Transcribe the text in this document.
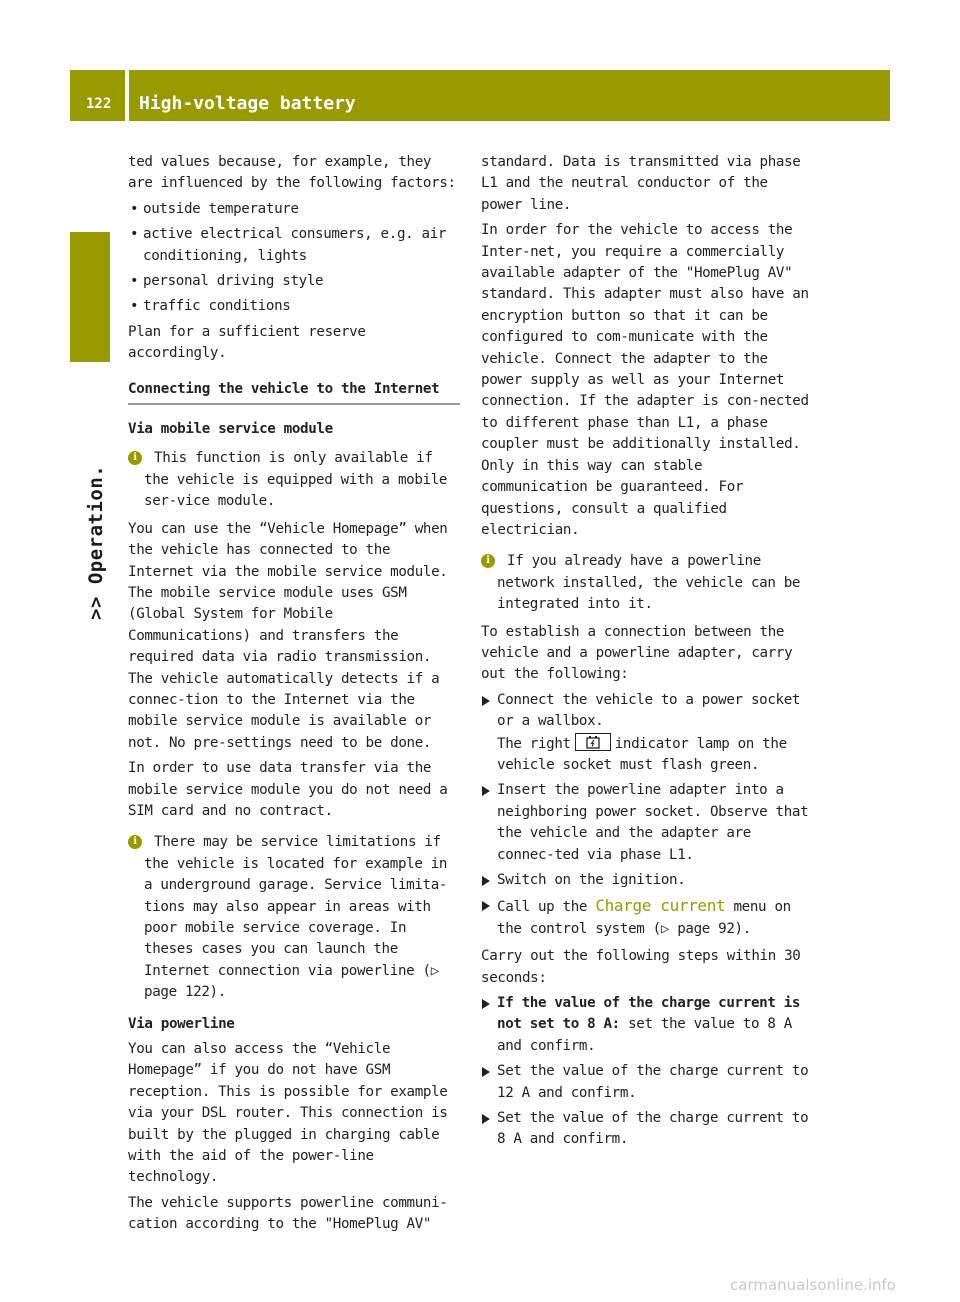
122	High-voltage battery
>> Operation.

ted values because, for example, they are influenced by the following factors:

• outside temperature
• active electrical consumers, e.g. air conditioning, lights
• personal driving style
• traffic conditions

Plan for a sufficient reserve accordingly.

Connecting the vehicle to the Internet
Via mobile service module
i	This function is only available if the vehicle is equipped with a mobile ser-vice module.

You can use the “Vehicle Homepage” when the vehicle has connected to the Internet via the mobile service module. The mobile service module uses GSM (Global System for Mobile Communications) and transfers the required data via radio transmission. The vehicle automatically detects if a connec-tion to the Internet via the mobile service module is available or not. No pre-settings need to be done.

In order to use data transfer via the mobile service module you do not need a SIM card and no contract.

i	There may be service limitations if the vehicle is located for example in a underground garage. Service limita-tions may also appear in areas with poor mobile service coverage. In theses cases you can launch the Internet connection via powerline (▷ page 122).
Via powerline

You can also access the “Vehicle Homepage” if you do not have GSM reception. This is possible for example via your DSL router. This connection is built by the plugged in charging cable with the aid of the power-line technology.

The vehicle supports powerline communi-cation according to the "HomePlug AV"

standard. Data is transmitted via phase L1 and the neutral conductor of the power line.

In order for the vehicle to access the Inter-net, you require a commercially available adapter of the "HomePlug AV" standard. This adapter must also have an encryption button so that it can be configured to com-municate with the vehicle. Connect the adapter to the power supply as well as your Internet connection. If the adapter is con-nected to different phase than L1, a phase coupler must be additionally installed. Only in this way can stable communication be guaranteed. For questions, consult a qualified electrician.

i	If you already have a powerline network installed, the vehicle can be integrated into it.

To establish a connection between the vehicle and a powerline adapter, carry out the following:

Connect the vehicle to a power socket or a wallbox.
The right	indicator lamp on the vehicle socket must flash green.
Insert the powerline adapter into a neighboring power socket. Observe that the vehicle and the adapter are connec-ted via phase L1.
Switch on the ignition.
Call up the Charge current menu on the control system (▷ page 92).

Carry out the following steps within 30 seconds:

If the value of the charge current is not set to 8 A: set the value to 8 A and confirm.
Set the value of the charge current to 12 A and confirm.
Set the value of the charge current to 8 A and confirm.
carmanualsonline.info
